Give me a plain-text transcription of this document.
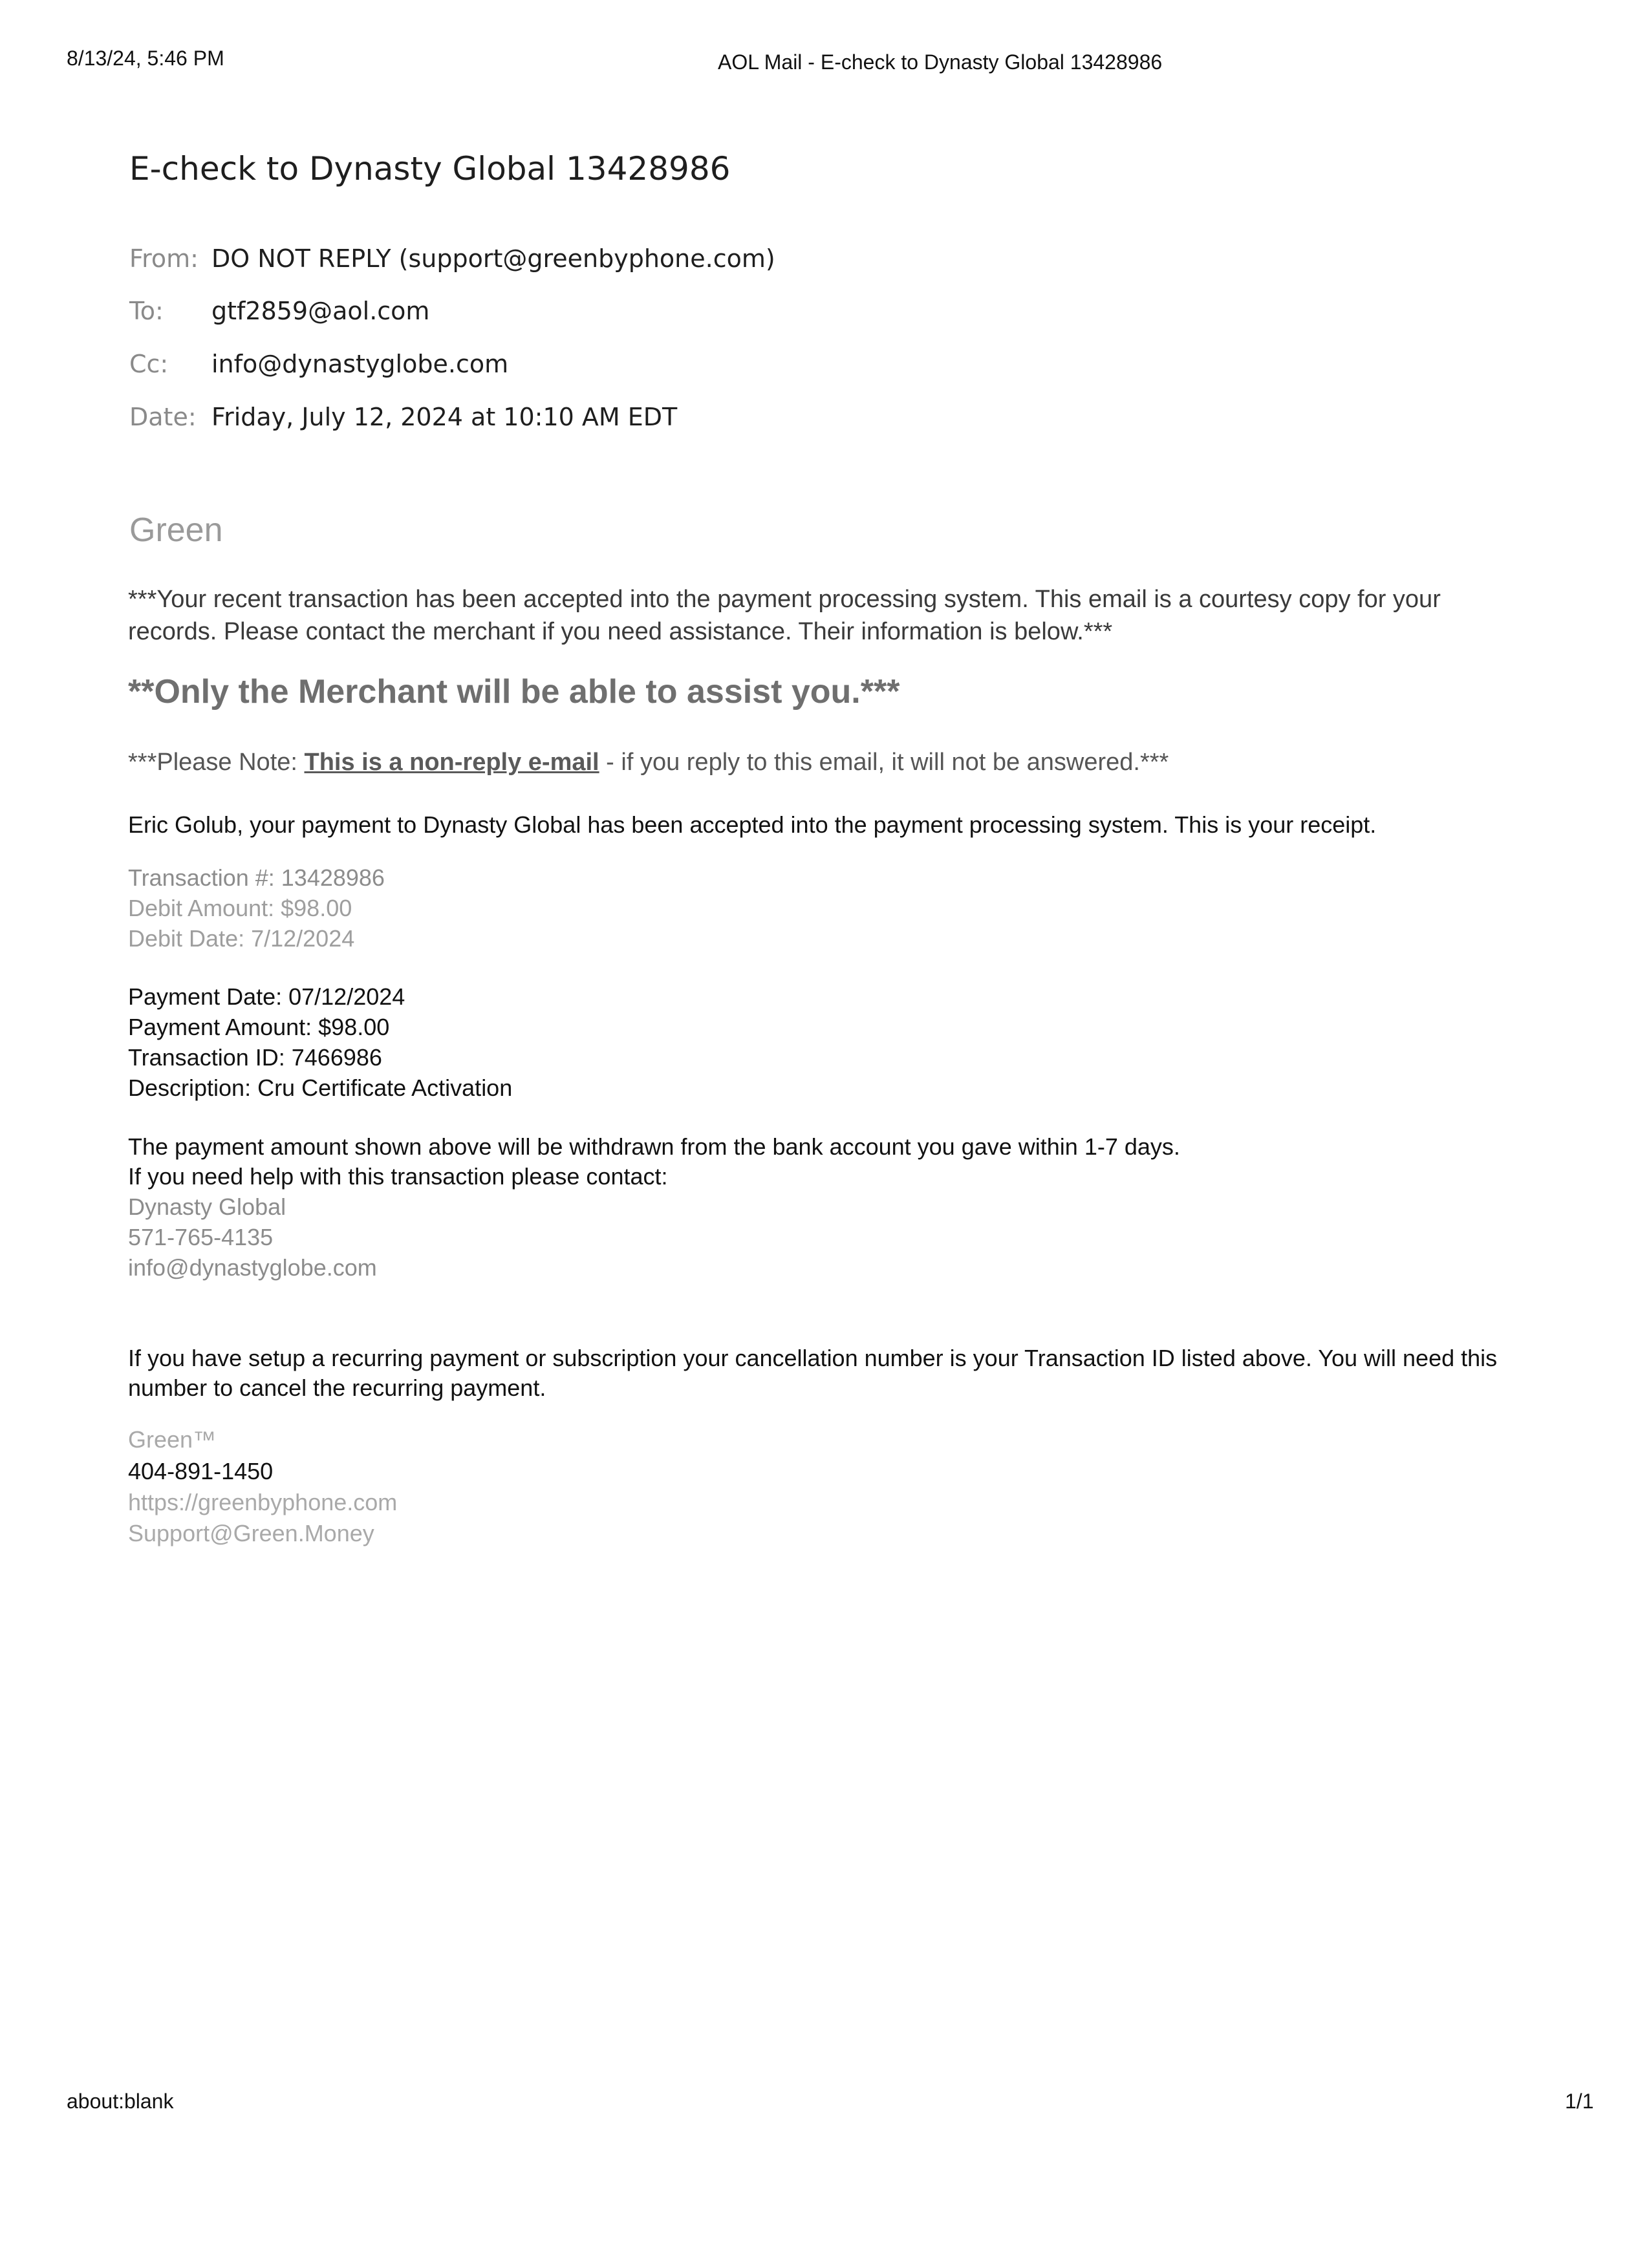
8/13/24, 5:46 PM	AOL Mail - E-check to Dynasty Global 13428986
E-check to Dynasty Global 13428986
From: DO NOT REPLY (support@greenbyphone.com)
To: gtf2859@aol.com
Cc: info@dynastyglobe.com
Date: Friday, July 12, 2024 at 10:10 AM EDT
Green
***Your recent transaction has been accepted into the payment processing system. This email is a courtesy copy for your records. Please contact the merchant if you need assistance. Their information is below.***
**Only the Merchant will be able to assist you.***
***Please Note: This is a non-reply e-mail - if you reply to this email, it will not be answered.***
Eric Golub, your payment to Dynasty Global has been accepted into the payment processing system. This is your receipt.
Transaction #: 13428986
Debit Amount: $98.00
Debit Date: 7/12/2024
Payment Date: 07/12/2024
Payment Amount: $98.00
Transaction ID: 7466986
Description: Cru Certificate Activation
The payment amount shown above will be withdrawn from the bank account you gave within 1-7 days.
If you need help with this transaction please contact:
Dynasty Global
571-765-4135
info@dynastyglobe.com
If you have setup a recurring payment or subscription your cancellation number is your Transaction ID listed above. You will need this number to cancel the recurring payment.
Green™
404-891-1450
https://greenbyphone.com
Support@Green.Money
about:blank	1/1
